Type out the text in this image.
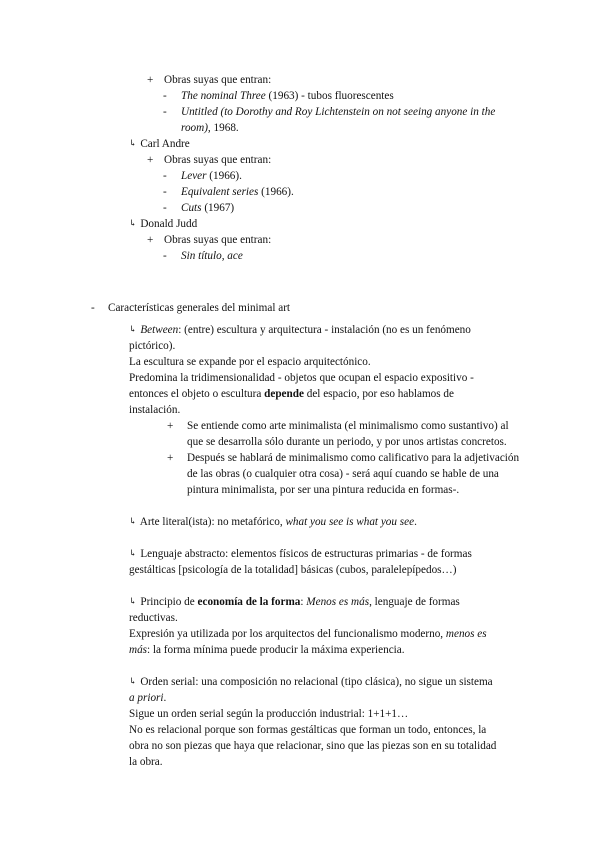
+ Obras suyas que entran:
- The nominal Three (1963) - tubos fluorescentes
- Untitled (to Dorothy and Roy Lichtenstein on not seeing anyone in the
room), 1968.
↳ Carl Andre
+ Obras suyas que entran:
- Lever (1966).
- Equivalent series (1966).
- Cuts (1967)
↳ Donald Judd
+ Obras suyas que entran:
- Sin título, ace
- Características generales del minimal art
↳ Between: (entre) escultura y arquitectura - instalación (no es un fenómeno
pictórico).
La escultura se expande por el espacio arquitectónico.
Predomina la tridimensionalidad - objetos que ocupan el espacio expositivo -
entonces el objeto o escultura depende del espacio, por eso hablamos de
instalación.
+ Se entiende como arte minimalista (el minimalismo como sustantivo) al
que se desarrolla sólo durante un periodo, y por unos artistas concretos.
+ Después se hablará de minimalismo como calificativo para la adjetivación
de las obras (o cualquier otra cosa) - será aquí cuando se hable de una
pintura minimalista, por ser una pintura reducida en formas-.
↳ Arte literal(ista): no metafórico, what you see is what you see.
↳ Lenguaje abstracto: elementos físicos de estructuras primarias - de formas
gestálticas [psicología de la totalidad] básicas (cubos, paralelepípedos…)
↳ Principio de economía de la forma: Menos es más, lenguaje de formas
reductivas.
Expresión ya utilizada por los arquitectos del funcionalismo moderno, menos es
más: la forma mínima puede producir la máxima experiencia.
↳ Orden serial: una composición no relacional (tipo clásica), no sigue un sistema
a priori.
Sigue un orden serial según la producción industrial: 1+1+1…
No es relacional porque son formas gestálticas que forman un todo, entonces, la
obra no son piezas que haya que relacionar, sino que las piezas son en su totalidad
la obra.
